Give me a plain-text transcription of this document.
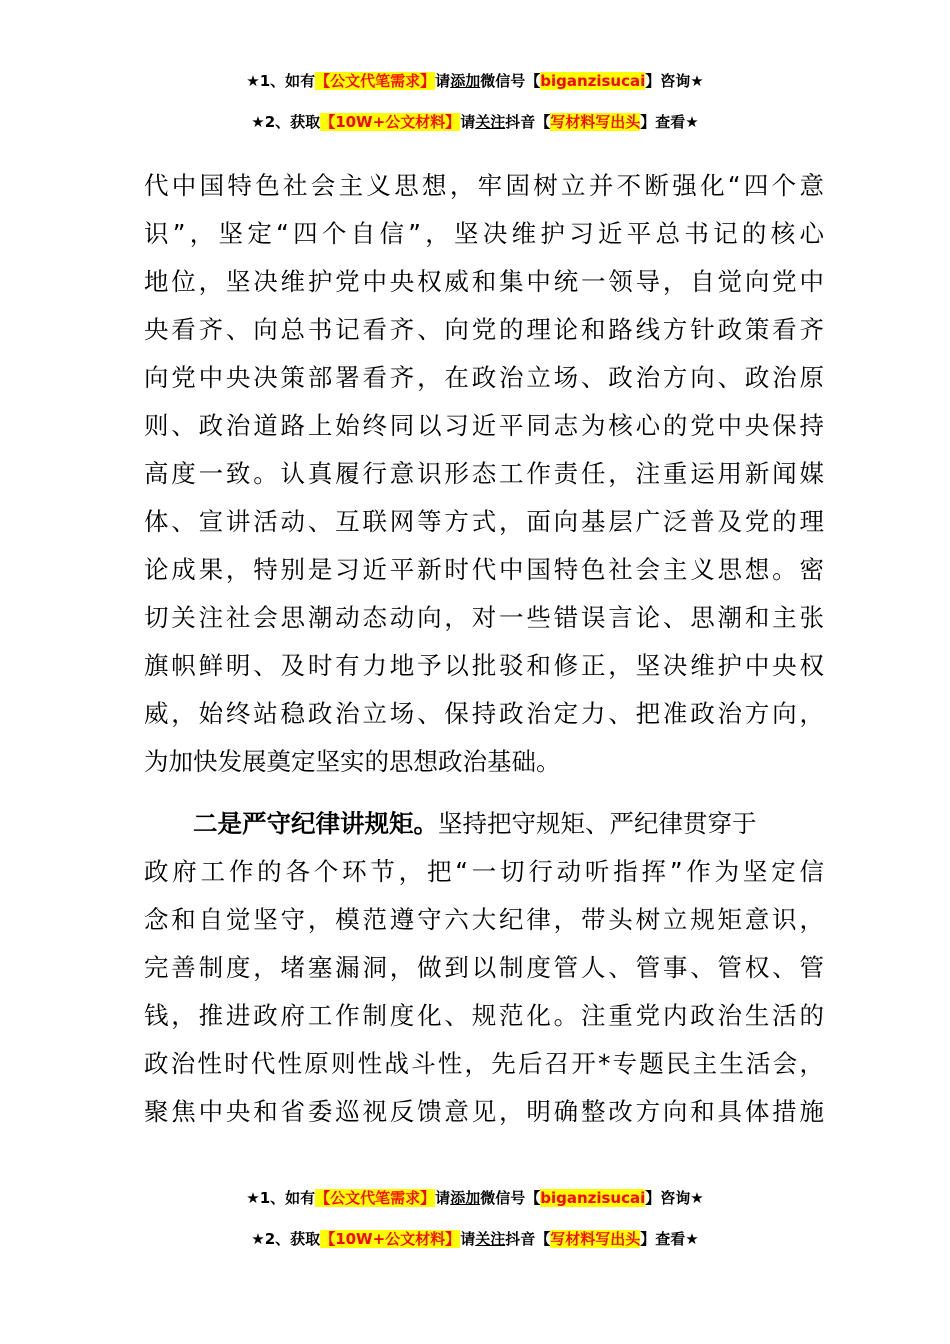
★1、如有【公文代笔需求】请添加微信号【biganzisucai】咨询★
★2、获取【10W+公文材料】请关注抖音【写材料写出头】查看★
代中国特色社会主义思想，牢固树立并不断强化“四个意
识”，坚定“四个自信”，坚决维护习近平总书记的核心
地位，坚决维护党中央权威和集中统一领导，自觉向党中
央看齐、向总书记看齐、向党的理论和路线方针政策看齐
向党中央决策部署看齐，在政治立场、政治方向、政治原
则、政治道路上始终同以习近平同志为核心的党中央保持
高度一致。认真履行意识形态工作责任，注重运用新闻媒
体、宣讲活动、互联网等方式，面向基层广泛普及党的理
论成果，特别是习近平新时代中国特色社会主义思想。密
切关注社会思潮动态动向，对一些错误言论、思潮和主张
旗帜鲜明、及时有力地予以批驳和修正，坚决维护中央权
威，始终站稳政治立场、保持政治定力、把准政治方向，
为加快发展奠定坚实的思想政治基础。
二是严守纪律讲规矩。坚持把守规矩、严纪律贯穿于
政府工作的各个环节，把“一切行动听指挥”作为坚定信
念和自觉坚守，模范遵守六大纪律，带头树立规矩意识，
完善制度，堵塞漏洞，做到以制度管人、管事、管权、管
钱，推进政府工作制度化、规范化。注重党内政治生活的
政治性时代性原则性战斗性，先后召开*专题民主生活会，
聚焦中央和省委巡视反馈意见，明确整改方向和具体措施
★1、如有【公文代笔需求】请添加微信号【biganzisucai】咨询★
★2、获取【10W+公文材料】请关注抖音【写材料写出头】查看★
